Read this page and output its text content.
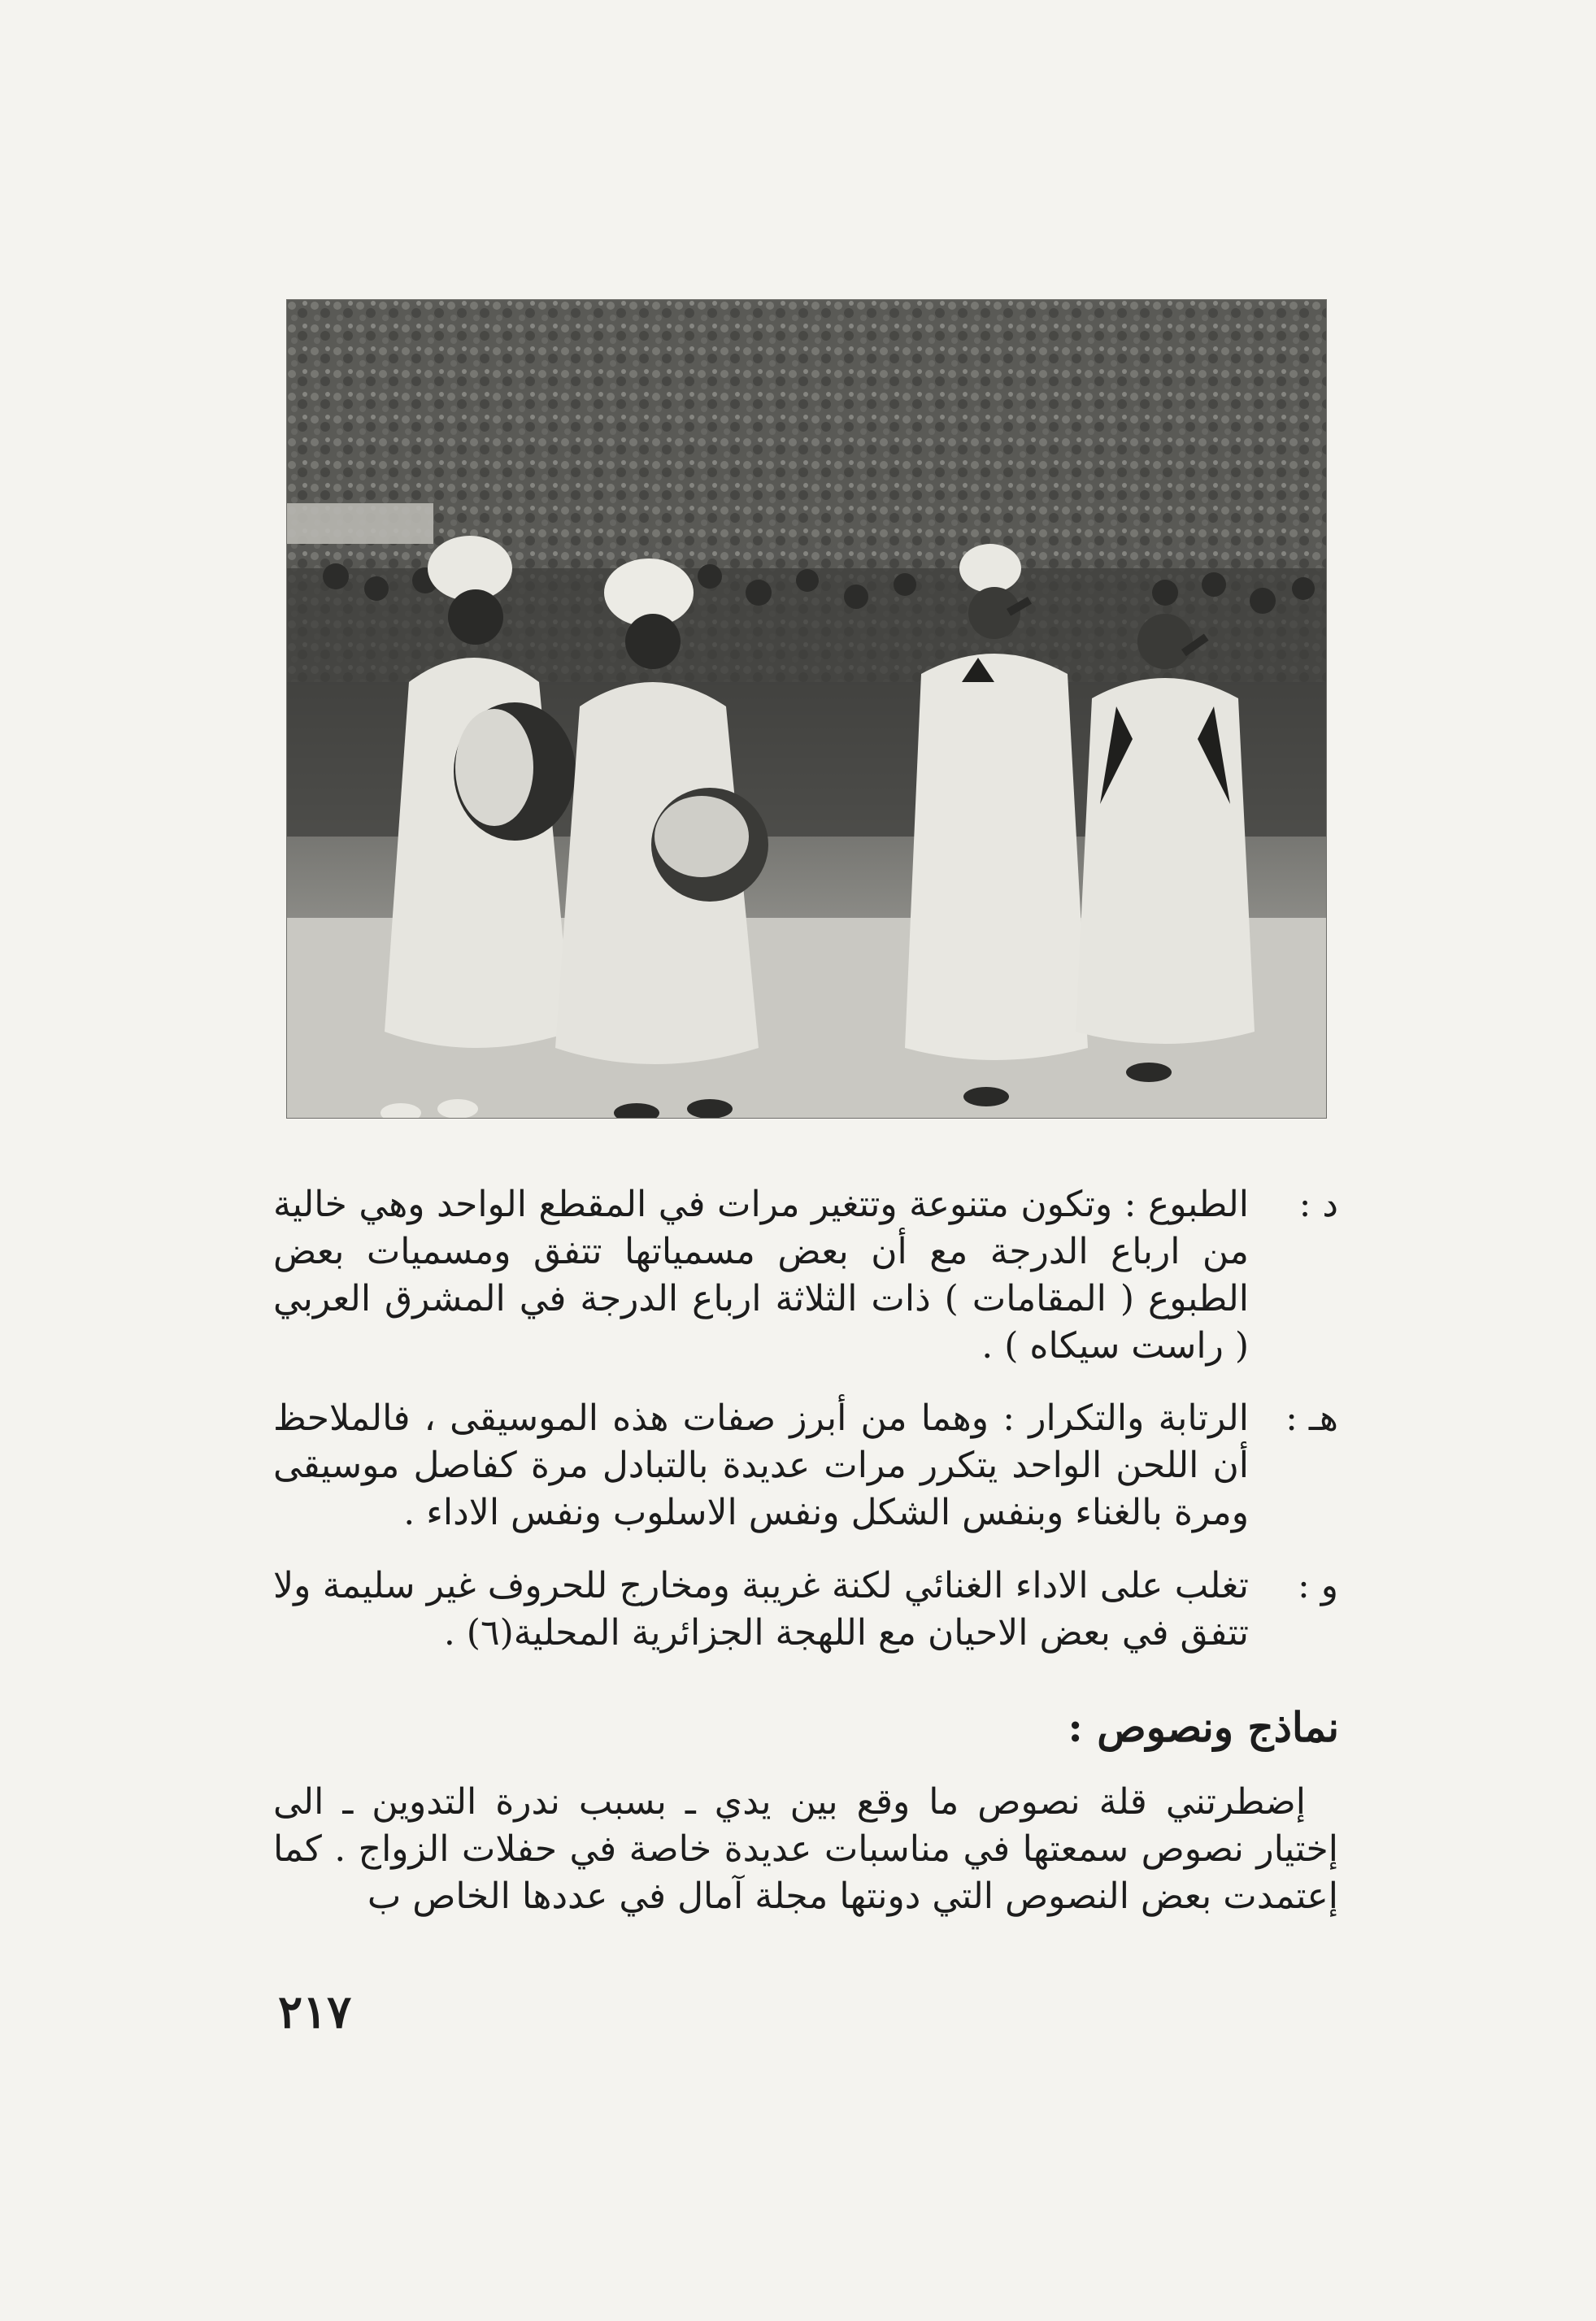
د :
الطبوع : وتكون متنوعة وتتغير مرات في المقطع الواحد وهي خالية من ارباع الدرجة مع أن بعض مسمياتها تتفق ومسميات بعض الطبوع ( المقامات ) ذات الثلاثة ارباع الدرجة في المشرق العربي ( راست سيكاه ) .
هـ :
الرتابة والتكرار : وهما من أبرز صفات هذه الموسيقى ، فالملاحظ أن اللحن الواحد يتكرر مرات عديدة بالتبادل مرة كفاصل موسيقى ومرة بالغناء وبنفس الشكل ونفس الاسلوب ونفس الاداء .
و :
تغلب على الاداء الغنائي لكنة غريبة ومخارج للحروف غير سليمة ولا تتفق في بعض الاحيان مع اللهجة الجزائرية المحلية(٦) .
نماذج ونصوص :
إضطرتني قلة نصوص ما وقع بين يدي ـ بسبب ندرة التدوين ـ الى إختيار نصوص سمعتها في مناسبات عديدة خاصة في حفلات الزواج . كما إعتمدت بعض النصوص التي دونتها مجلة آمال في عددها الخاص ب
٢١٧
